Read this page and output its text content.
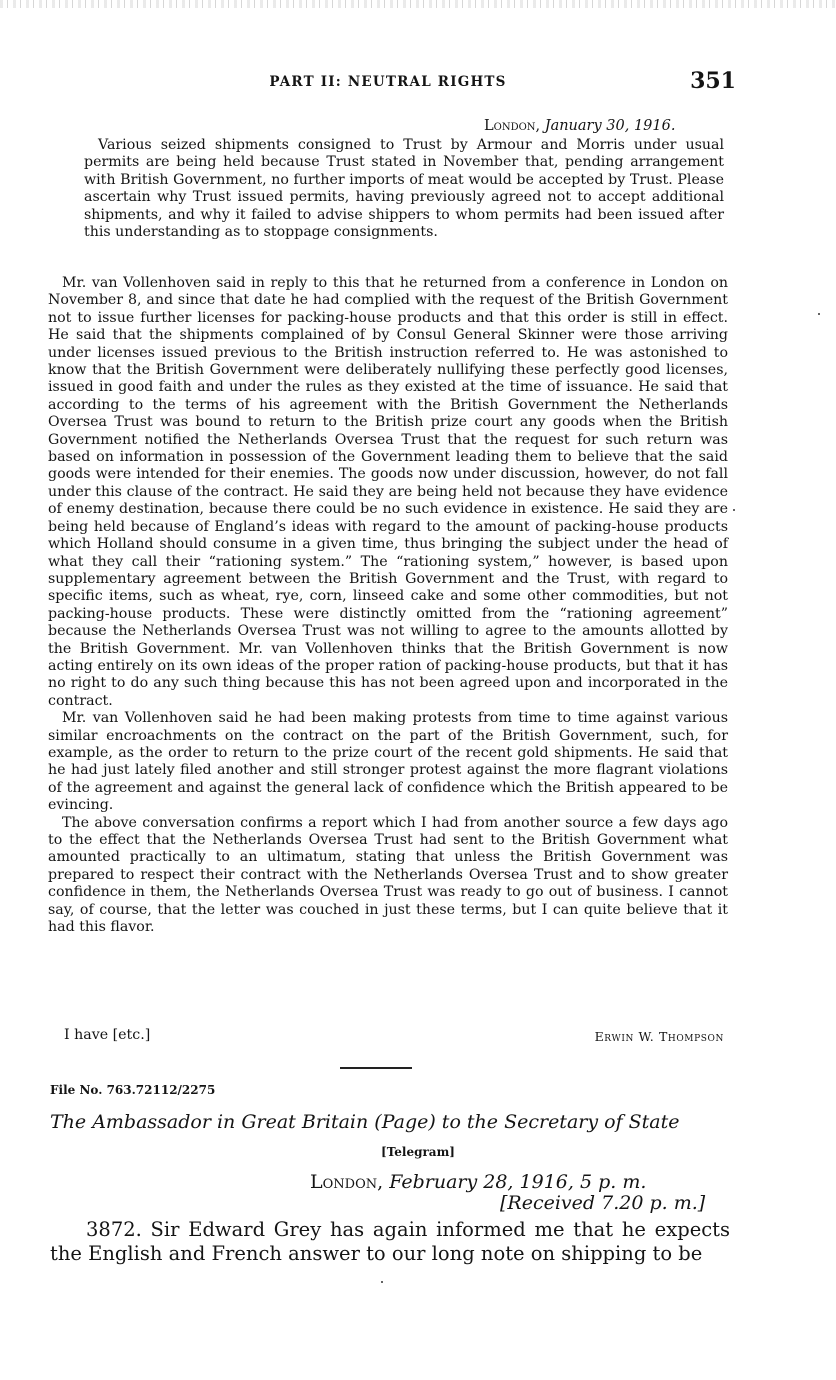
PART II: NEUTRAL RIGHTS	351
London, January 30, 1916.

Various seized shipments consigned to Trust by Armour and Morris under usual permits are being held because Trust stated in November that, pending arrangement with British Government, no further imports of meat would be accepted by Trust. Please ascertain why Trust issued permits, having previously agreed not to accept additional shipments, and why it failed to advise shippers to whom permits had been issued after this understanding as to stoppage consignments.

Mr. van Vollenhoven said in reply to this that he returned from a conference in London on November 8, and since that date he had complied with the request of the British Government not to issue further licenses for packing-house products and that this order is still in effect. He said that the shipments complained of by Consul General Skinner were those arriving under licenses issued previous to the British instruction referred to. He was astonished to know that the British Government were deliberately nullifying these perfectly good licenses, issued in good faith and under the rules as they existed at the time of issuance. He said that according to the terms of his agreement with the British Government the Netherlands Oversea Trust was bound to return to the British prize court any goods when the British Government notified the Netherlands Oversea Trust that the request for such return was based on information in possession of the Government leading them to believe that the said goods were intended for their enemies. The goods now under discussion, however, do not fall under this clause of the contract. He said they are being held not because they have evidence of enemy destination, because there could be no such evidence in existence. He said they are being held because of England’s ideas with regard to the amount of packing-house products which Holland should consume in a given time, thus bringing the subject under the head of what they call their “rationing system.” The “rationing system,” however, is based upon supplementary agreement between the British Government and the Trust, with regard to specific items, such as wheat, rye, corn, linseed cake and some other commodities, but not packing-house products. These were distinctly omitted from the “rationing agreement” because the Netherlands Oversea Trust was not willing to agree to the amounts allotted by the British Government. Mr. van Vollenhoven thinks that the British Government is now acting entirely on its own ideas of the proper ration of packing-house products, but that it has no right to do any such thing because this has not been agreed upon and incorporated in the contract.

Mr. van Vollenhoven said he had been making protests from time to time against various similar encroachments on the contract on the part of the British Government, such, for example, as the order to return to the prize court of the recent gold shipments. He said that he had just lately filed another and still stronger protest against the more flagrant violations of the agreement and against the general lack of confidence which the British appeared to be evincing.

The above conversation confirms a report which I had from another source a few days ago to the effect that the Netherlands Oversea Trust had sent to the British Government what amounted practically to an ultimatum, stating that unless the British Government was prepared to respect their contract with the Netherlands Oversea Trust and to show greater confidence in them, the Netherlands Oversea Trust was ready to go out of business. I cannot say, of course, that the letter was couched in just these terms, but I can quite believe that it had this flavor.

I have [etc.]	Erwin W. Thompson
File No. 763.72112/2275
The Ambassador in Great Britain (Page) to the Secretary of State
[Telegram]
London, February 28, 1916, 5 p. m.
[Received 7.20 p. m.]

3872. Sir Edward Grey has again informed me that he expects the English and French answer to our long note on shipping to be
